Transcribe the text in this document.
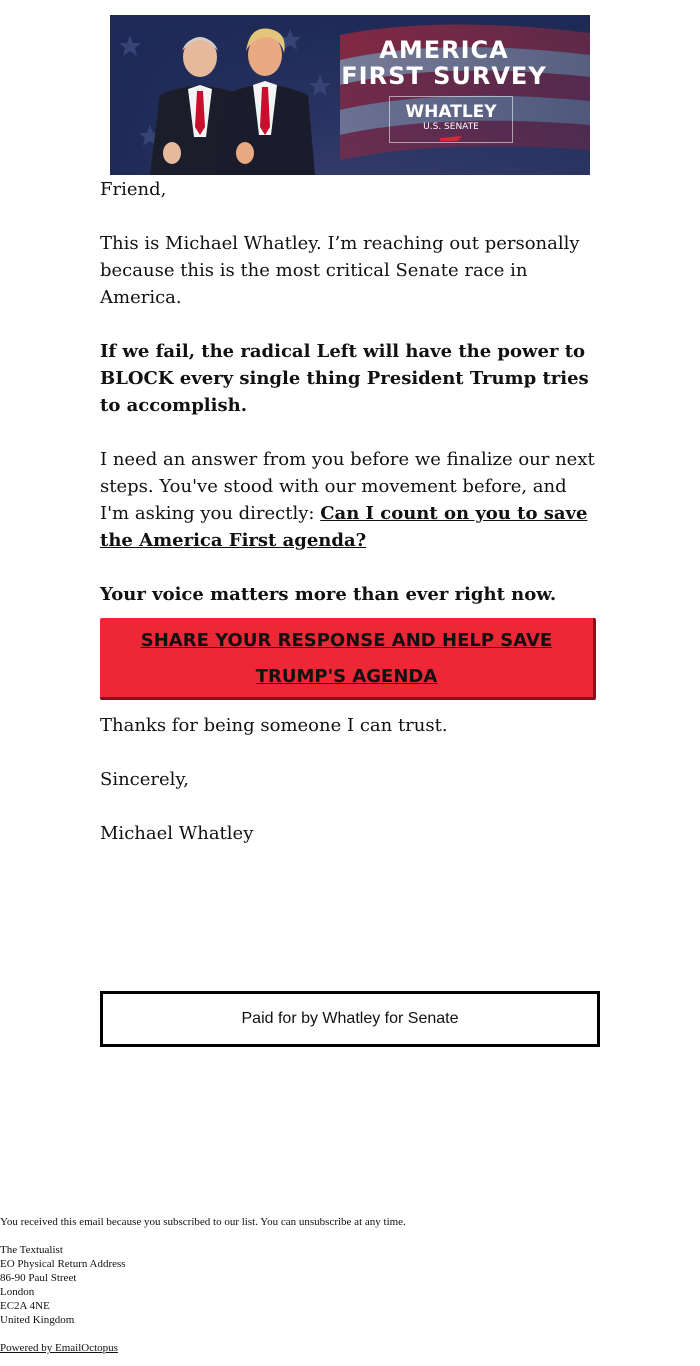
AMERICA
FIRST SURVEY
WHATLEY
U.S. SENATE

Friend,

This is Michael Whatley. I’m reaching out personally because this is the most critical Senate race in America.

If we fail, the radical Left will have the power to BLOCK every single thing President Trump tries to accomplish.

I need an answer from you before we finalize our next steps. You've stood with our movement before, and I'm asking you directly: Can I count on you to save the America First agenda?

Your voice matters more than ever right now.

SHARE YOUR RESPONSE AND HELP SAVE
TRUMP'S AGENDA

Thanks for being someone I can trust.

Sincerely,

Michael Whatley

Paid for by Whatley for Senate

You received this email because you subscribed to our list. You can unsubscribe at any time.

The Textualist

EO Physical Return Address

86-90 Paul Street

London

EC2A 4NE

United Kingdom

Powered by EmailOctopus
